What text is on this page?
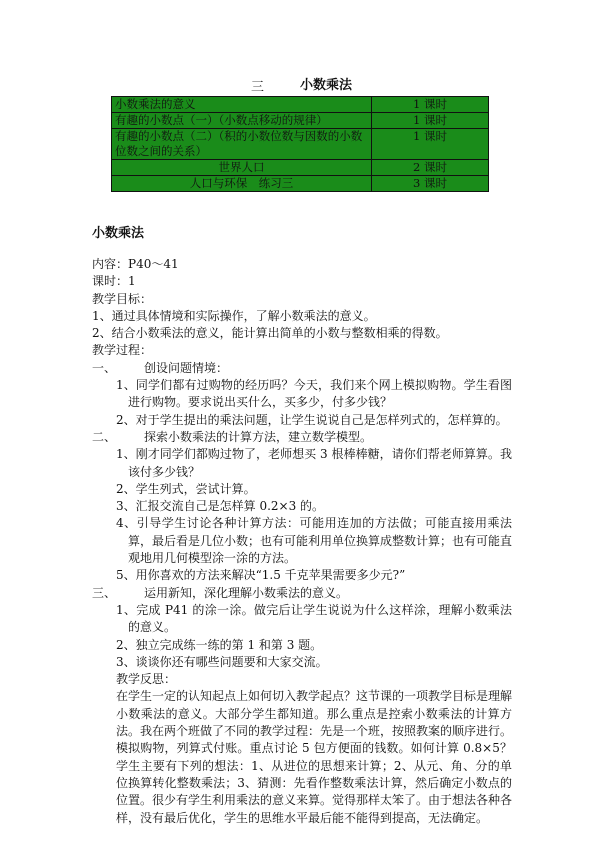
三	小数乘法
小数乘法的意义	1 课时
有趣的小数点（一）（小数点移动的规律）	1 课时
有趣的小数点（二）（积的小数位数与因数的小数位数之间的关系）	1 课时
世界人口	2 课时
人口与环保　练习三	3 课时
小数乘法

内容：P40～41

课时：1

教学目标：

1、通过具体情境和实际操作，了解小数乘法的意义。

2、结合小数乘法的意义，能计算出简单的小数与整数相乘的得数。

教学过程：

一、	创设问题情境：

1、同学们都有过购物的经历吗？今天，我们来个网上模拟购物。学生看图进行购物。要求说出买什么，买多少，付多少钱？

2、对于学生提出的乘法问题，让学生说说自己是怎样列式的，怎样算的。

二、	探索小数乘法的计算方法，建立数学模型。

1、刚才同学们都购过物了，老师想买 3 根棒棒糖，请你们帮老师算算。我该付多少钱？

2、学生列式，尝试计算。

3、汇报交流自己是怎样算 0.2×3 的。

4、引导学生讨论各种计算方法：可能用连加的方法做；可能直接用乘法算，最后看是几位小数；也有可能利用单位换算成整数计算；也有可能直观地用几何模型涂一涂的方法。

5、用你喜欢的方法来解决“1.5 千克苹果需要多少元?”

三、	运用新知，深化理解小数乘法的意义。

1、完成 P41 的涂一涂。做完后让学生说说为什么这样涂，理解小数乘法的意义。

2、独立完成练一练的第 1 和第 3 题。

3、谈谈你还有哪些问题要和大家交流。

教学反思：

在学生一定的认知起点上如何切入教学起点？这节课的一项教学目标是理解小数乘法的意义。大部分学生都知道。那么重点是控索小数乘法的计算方法。我在两个班做了不同的教学过程：先是一个班，按照教案的顺序进行。模拟购物，列算式付账。重点讨论 5 包方便面的钱数。如何计算 0.8×5？学生主要有下列的想法：1、从进位的思想来计算；2、从元、角、分的单位换算转化整数乘法；3、猜测：先看作整数乘法计算，然后确定小数点的位置。很少有学生利用乘法的意义来算。觉得那样太笨了。由于想法各种各样，没有最后优化，学生的思维水平最后能不能得到提高，无法确定。
